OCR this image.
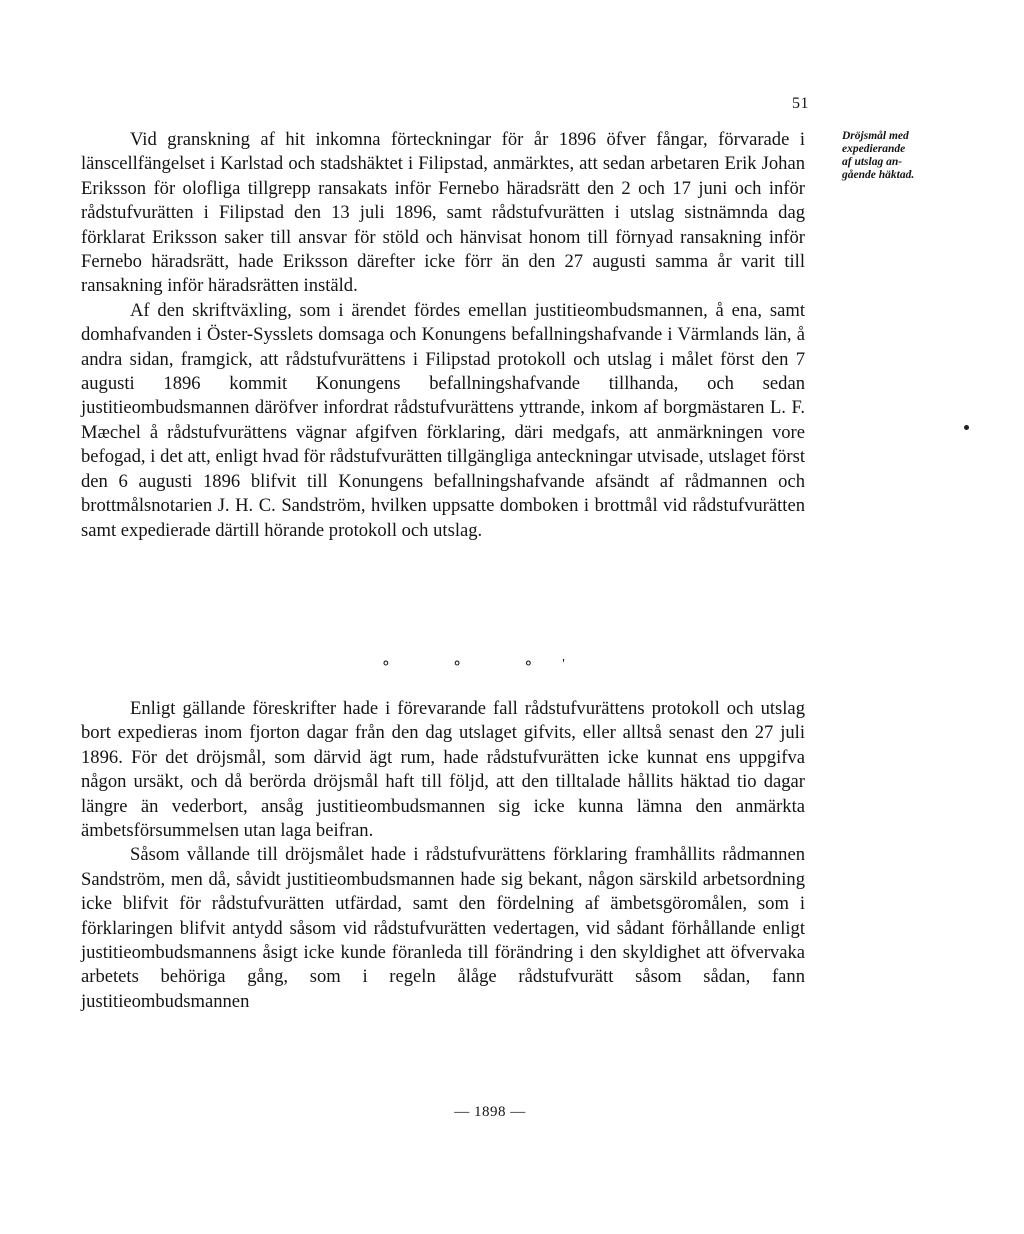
51
Dröjsmål med
expedierande
af utslag an-
gående häktad.

Vid granskning af hit inkomna förteckningar för år 1896 öfver fångar, förvarade i länscellfängelset i Karlstad och stadshäktet i Filipstad, anmärktes, att sedan arbetaren Erik Johan Eriksson för olofliga tillgrepp ransakats inför Fernebo häradsrätt den 2 och 17 juni och inför rådstufvurätten i Filipstad den 13 juli 1896, samt rådstufvurätten i utslag sistnämnda dag förklarat Eriksson saker till ansvar för stöld och hänvisat honom till förnyad ransakning inför Fernebo häradsrätt, hade Eriksson därefter icke förr än den 27 augusti samma år varit till ransakning inför häradsrätten instäld.

Af den skriftväxling, som i ärendet fördes emellan justitieombudsmannen, å ena, samt domhafvanden i Öster-Sysslets domsaga och Konungens befallningshafvande i Värmlands län, å andra sidan, framgick, att rådstufvurättens i Filipstad protokoll och utslag i målet först den 7 augusti 1896 kommit Konungens befallningshafvande tillhanda, och sedan justitieombudsmannen däröfver infordrat rådstufvurättens yttrande, inkom af borgmästaren L. F. Mæchel å rådstufvurättens vägnar afgifven förklaring, däri medgafs, att anmärkningen vore befogad, i det att, enligt hvad för rådstufvurätten tillgängliga anteckningar utvisade, utslaget först den 6 augusti 1896 blifvit till Konungens befallningshafvande afsändt af rådmannen och brottmålsnotarien J. H. C. Sandström, hvilken uppsatte domboken i brottmål vid rådstufvurätten samt expedierade därtill hörande protokoll och utslag.

⚬ ⚬ ⚬'

Enligt gällande föreskrifter hade i förevarande fall rådstufvurättens protokoll och utslag bort expedieras inom fjorton dagar från den dag utslaget gifvits, eller alltså senast den 27 juli 1896. För det dröjsmål, som därvid ägt rum, hade rådstufvurätten icke kunnat ens uppgifva någon ursäkt, och då berörda dröjsmål haft till följd, att den tilltalade hållits häktad tio dagar längre än vederbort, ansåg justitieombudsmannen sig icke kunna lämna den anmärkta ämbetsförsummelsen utan laga beifran.

Såsom vållande till dröjsmålet hade i rådstufvurättens förklaring framhållits rådmannen Sandström, men då, såvidt justitieombudsmannen hade sig bekant, någon särskild arbetsordning icke blifvit för rådstufvurätten utfärdad, samt den fördelning af ämbetsgöromålen, som i förklaringen blifvit antydd såsom vid rådstufvurätten vedertagen, vid sådant förhållande enligt justitieombudsmannens åsigt icke kunde föranleda till förändring i den skyldighet att öfvervaka arbetets behöriga gång, som i regeln ålåge rådstufvurätt såsom sådan, fann justitieombudsmannen

— 1898 —
